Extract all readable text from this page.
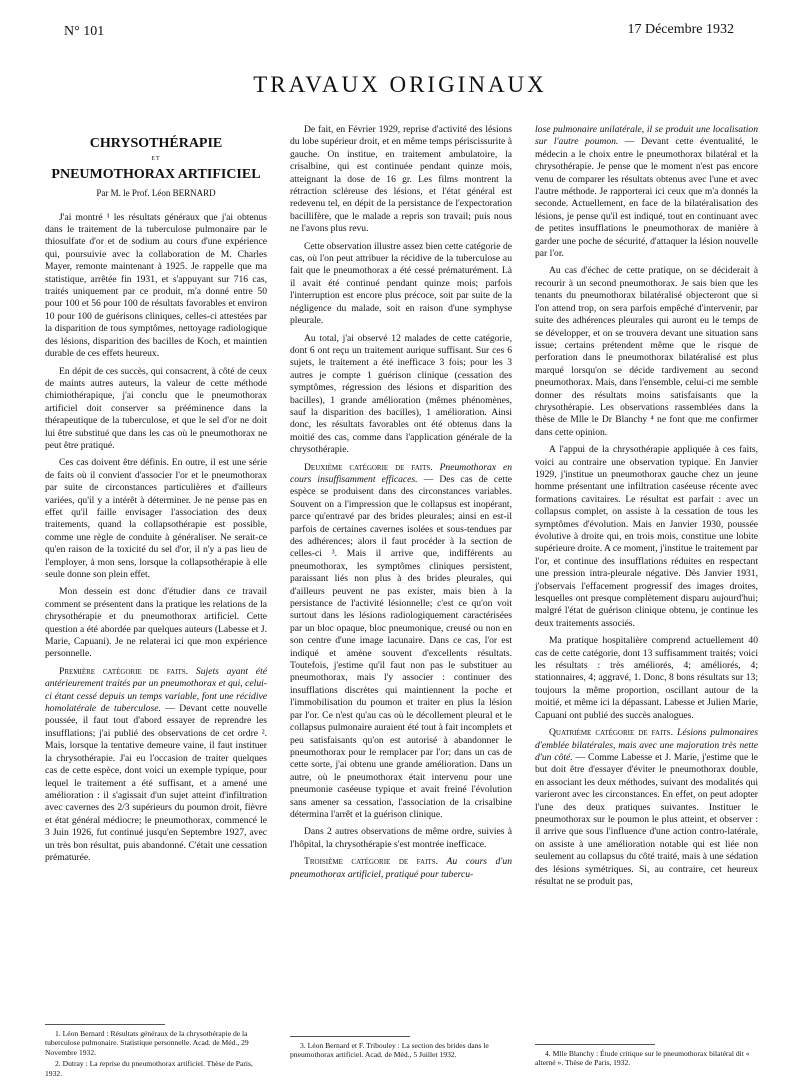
N° 101	17 Décembre 1932
TRAVAUX ORIGINAUX
CHRYSOTHÉRAPIE
ET
PNEUMOTHORAX ARTIFICIEL
Par M. le Prof. Léon BERNARD

J'ai montré ¹ les résultats généraux que j'ai obtenus dans le traitement de la tuberculose pulmonaire par le thiosulfate d'or et de sodium au cours d'une expérience qui, poursuivie avec la collaboration de M. Charles Mayer, remonte maintenant à 1925. Je rappelle que ma statistique, arrêtée fin 1931, et s'appuyant sur 716 cas, traités uniquement par ce produit, m'a donné entre 50 pour 100 et 56 pour 100 de résultats favorables et environ 10 pour 100 de guérisons cliniques, celles-ci attestées par la disparition de tous symptômes, nettoyage radiologique des lésions, disparition des bacilles de Koch, et maintien durable de ces effets heureux.

En dépit de ces succès, qui consacrent, à côté de ceux de maints autres auteurs, la valeur de cette méthode chimiothérapique, j'ai conclu que le pneumothorax artificiel doit conserver sa prééminence dans la thérapeutique de la tuberculose, et que le sel d'or ne doit lui être substitué que dans les cas où le pneumothorax ne peut être pratiqué.

Ces cas doivent être définis. En outre, il est une série de faits où il convient d'associer l'or et le pneumothorax par suite de circonstances particulières et d'ailleurs variées, qu'il y a intérêt à déterminer. Je ne pense pas en effet qu'il faille envisager l'association des deux traitements, quand la collapsothérapie est possible, comme une règle de conduite à généraliser. Ne serait-ce qu'en raison de la toxicité du sel d'or, il n'y a pas lieu de l'employer, à mon sens, lorsque la collapsothérapie à elle seule donne son plein effet.

Mon dessein est donc d'étudier dans ce travail comment se présentent dans la pratique les relations de la chrysothérapie et du pneumothorax artificiel. Cette question a été abordée par quelques auteurs (Labesse et J. Marie, Capuani). Je ne relaterai ici que mon expérience personnelle.

Première catégorie de faits. Sujets ayant été antérieurement traités par un pneumothorax et qui, celui-ci étant cessé depuis un temps variable, font une récidive homolatérale de tuberculose. — Devant cette nouvelle poussée, il faut tout d'abord essayer de reprendre les insufflations; j'ai publié des observations de cet ordre ². Mais, lorsque la tentative demeure vaine, il faut instituer la chrysothérapie. J'ai eu l'occasion de traiter quelques cas de cette espèce, dont voici un exemple typique, pour lequel le traitement a été suffisant, et a amené une amélioration : il s'agissait d'un sujet atteint d'infiltration avec cavernes des 2/3 supérieurs du poumon droit, fièvre et état général médiocre; le pneumothorax, commencé le 3 Juin 1926, fut continué jusqu'en Septembre 1927, avec un très bon résultat, puis abandonné. C'était une cessation prématurée.

1. Léon Bernard : Résultats généraux de la chrysothérapie de la tuberculose pulmonaire. Statistique personnelle. Acad. de Méd., 29 Novembre 1932.

2. Dutray : La reprise du pneumothorax artificiel. Thèse de Paris, 1932.

De fait, en Février 1929, reprise d'activité des lésions du lobe supérieur droit, et en même temps périscissurite à gauche. On institue, en traitement ambulatoire, la crisalbine, qui est continuée pendant quinze mois, atteignant la dose de 16 gr. Les films montrent la rétraction scléreuse des lésions, et l'état général est redevenu tel, en dépit de la persistance de l'expectoration bacillifère, que le malade a repris son travail; puis nous ne l'avons plus revu.

Cette observation illustre assez bien cette catégorie de cas, où l'on peut attribuer la récidive de la tuberculose au fait que le pneumothorax a été cessé prématurément. Là il avait été continué pendant quinze mois; parfois l'interruption est encore plus précoce, soit par suite de la négligence du malade, soit en raison d'une symphyse pleurale.

Au total, j'ai observé 12 malades de cette catégorie, dont 6 ont reçu un traitement aurique suffisant. Sur ces 6 sujets, le traitement a été inefficace 3 fois; pour les 3 autres je compte 1 guérison clinique (cessation des symptômes, régression des lésions et disparition des bacilles), 1 grande amélioration (mêmes phénomènes, sauf la disparition des bacilles), 1 amélioration. Ainsi donc, les résultats favorables ont été obtenus dans la moitié des cas, comme dans l'application générale de la chrysothérapie.

Deuxième catégorie de faits. Pneumothorax en cours insuffisamment efficaces. — Des cas de cette espèce se produisent dans des circonstances variables. Souvent on a l'impression que le collapsus est inopérant, parce qu'entravé par des brides pleurales; ainsi en est-il parfois de certaines cavernes isolées et sous-tendues par des adhérences; alors il faut procéder à la section de celles-ci ³. Mais il arrive que, indifférents au pneumothorax, les symptômes cliniques persistent, paraissant liés non plus à des brides pleurales, qui d'ailleurs peuvent ne pas exister, mais bien à la persistance de l'activité lésionnelle; c'est ce qu'on voit surtout dans les lésions radiologiquement caractérisées par un bloc opaque, bloc pneumonique, creusé ou non en son centre d'une image lacunaire. Dans ce cas, l'or est indiqué et amène souvent d'excellents résultats. Toutefois, j'estime qu'il faut non pas le substituer au pneumothorax, mais l'y associer : continuer des insufflations discrètes qui maintiennent la poche et l'immobilisation du poumon et traiter en plus la lésion par l'or. Ce n'est qu'au cas où le décollement pleural et le collapsus pulmonaire auraient été tout à fait incomplets et peu satisfaisants qu'on est autorisé à abandonner le pneumothorax pour le remplacer par l'or; dans un cas de cette sorte, j'ai obtenu une grande amélioration. Dans un autre, où le pneumothorax était intervenu pour une pneumonie caséeuse typique et avait freiné l'évolution sans amener sa cessation, l'association de la crisalbine détermina l'arrêt et la guérison clinique.

Dans 2 autres observations de même ordre, suivies à l'hôpital, la chrysothérapie s'est montrée inefficace.

Troisième catégorie de faits. Au cours d'un pneumothorax artificiel, pratiqué pour tubercu-

3. Léon Bernard et F. Tribouley : La section des brides dans le pneumothorax artificiel. Acad. de Méd., 5 Juillet 1932.

lose pulmonaire unilatérale, il se produit une localisation sur l'autre poumon. — Devant cette éventualité, le médecin a le choix entre le pneumothorax bilatéral et la chrysothérapie. Je pense que le moment n'est pas encore venu de comparer les résultats obtenus avec l'une et avec l'autre méthode. Je rapporterai ici ceux que m'a donnés la seconde. Actuellement, en face de la bilatéralisation des lésions, je pense qu'il est indiqué, tout en continuant avec de petites insufflations le pneumothorax de manière à garder une poche de sécurité, d'attaquer la lésion nouvelle par l'or.

Au cas d'échec de cette pratique, on se déciderait à recourir à un second pneumothorax. Je sais bien que les tenants du pneumothorax bilatéralisé objecteront que si l'on attend trop, on sera parfois empêché d'intervenir, par suite des adhérences pleurales qui auront eu le temps de se développer, et on se trouvera devant une situation sans issue; certains prétendent même que le risque de perforation dans le pneumothorax bilatéralisé est plus marqué lorsqu'on se décide tardivement au second pneumothorax. Mais, dans l'ensemble, celui-ci me semble donner des résultats moins satisfaisants que la chrysothérapie. Les observations rassemblées dans la thèse de Mlle le Dr Blanchy ⁴ ne font que me confirmer dans cette opinion.

A l'appui de la chrysothérapie appliquée à ces faits, voici au contraire une observation typique. En Janvier 1929, j'institue un pneumothorax gauche chez un jeune homme présentant une infiltration caséeuse récente avec formations cavitaires. Le résultat est parfait : avec un collapsus complet, on assiste à la cessation de tous les symptômes d'évolution. Mais en Janvier 1930, poussée évolutive à droite qui, en trois mois, constitue une lobite supérieure droite. A ce moment, j'institue le traitement par l'or, et continue des insufflations réduites en respectant une pression intra-pleurale négative. Dès Janvier 1931, j'observais l'effacement progressif des images droites, lesquelles ont presque complètement disparu aujourd'hui; malgré l'état de guérison clinique obtenu, je continue les deux traitements associés.

Ma pratique hospitalière comprend actuellement 40 cas de cette catégorie, dont 13 suffisamment traités; voici les résultats : très améliorés, 4; améliorés, 4; stationnaires, 4; aggravé, 1. Donc, 8 bons résultats sur 13; toujours la même proportion, oscillant autour de la moitié, et même ici la dépassant. Labesse et Julien Marie, Capuani ont publié des succès analogues.

Quatrième catégorie de faits. Lésions pulmonaires d'emblée bilatérales, mais avec une majoration très nette d'un côté. — Comme Labesse et J. Marie, j'estime que le but doit être d'essayer d'éviter le pneumothorax double, en associant les deux méthodes, suivant des modalités qui varieront avec les circonstances. En effet, on peut adopter l'une des deux pratiques suivantes. Instituer le pneumothorax sur le poumon le plus atteint, et observer : il arrive que sous l'influence d'une action contro-latérale, on assiste à une amélioration notable qui est liée non seulement au collapsus du côté traité, mais à une sédation des lésions symétriques. Si, au contraire, cet heureux résultat ne se produit pas,

4. Mlle Blanchy : Étude critique sur le pneumothorax bilatéral dit « alterné ». Thèse de Paris, 1932.
